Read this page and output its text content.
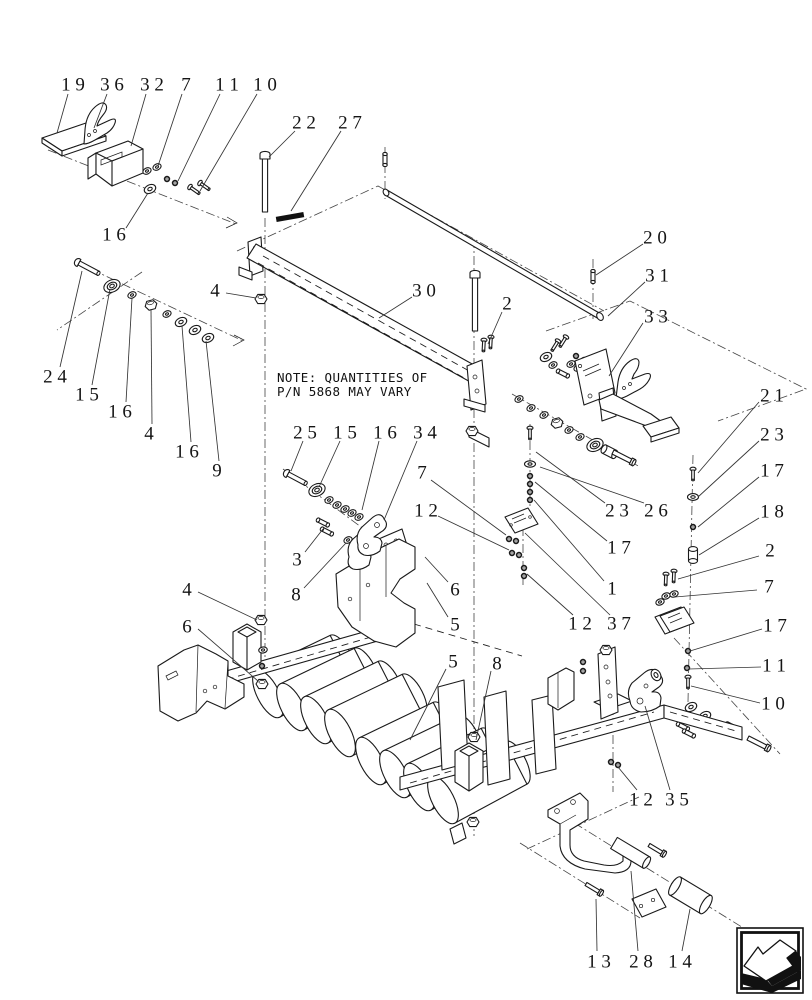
1 9 3 6 3 2 7 1 1 1 0
2 2 2 7
2 0
3 1
3 0
2
3 3
4
1 6
2 4
1 5
1 6
4
1 6
9
2 5 1 5 1 6 3 4
3
8
7
1 2
6
5
5
4
6
8
2 3 2 6
1 7
1
1 2 3 7
2 1
2 3
1 7
1 8
2
7
1 7
1 1
1 0
1 2 3 5
1 3 2 8 1 4
NOTE: QUANTITIES OF
P/N 5868 MAY VARY
